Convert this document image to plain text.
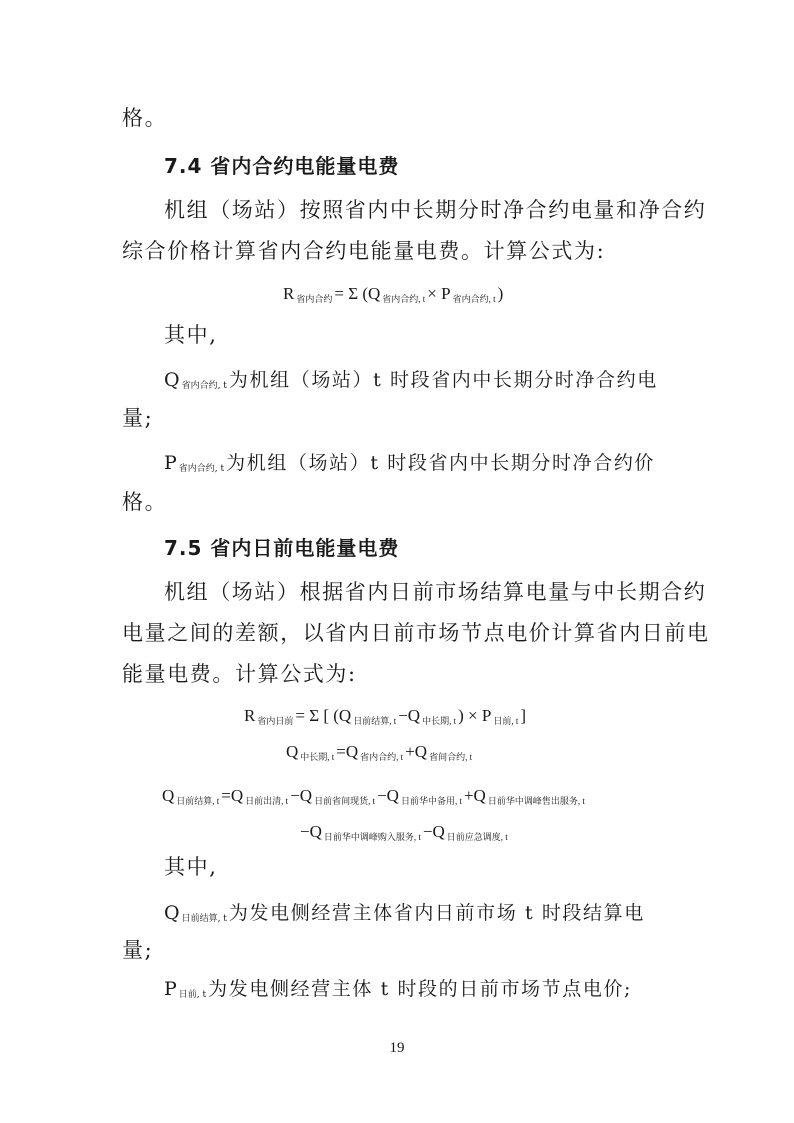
格。

7.4 省内合约电能量电费

机组（场站）按照省内中长期分时净合约电量和净合约

综合价格计算省内合约电能量电费。计算公式为:

R省内合约 = Σ (Q 省内合约, t × P 省内合约, t )

其中,

Q省内合约, t 为机组（场站）t 时段省内中长期分时净合约电

量;

P省内合约, t 为机组（场站）t 时段省内中长期分时净合约价

格。

7.5 省内日前电能量电费

机组（场站）根据省内日前市场结算电量与中长期合约

电量之间的差额，以省内日前市场节点电价计算省内日前电

能量电费。计算公式为:

R省内日前 = Σ [ (Q 日前结算, t −Q 中长期, t ) × P 日前, t ]
Q中长期, t =Q 省内合约, t +Q 省间合约, t
Q日前结算, t =Q 日前出清, t −Q 日前省间现货, t −Q 日前华中备用, t +Q 日前华中调峰售出服务, t
−Q 日前华中调峰购入服务, t −Q 日前应急调度, t

其中,

Q日前结算, t 为发电侧经营主体省内日前市场 t 时段结算电

量;

P日前, t 为发电侧经营主体 t 时段的日前市场节点电价;
19
